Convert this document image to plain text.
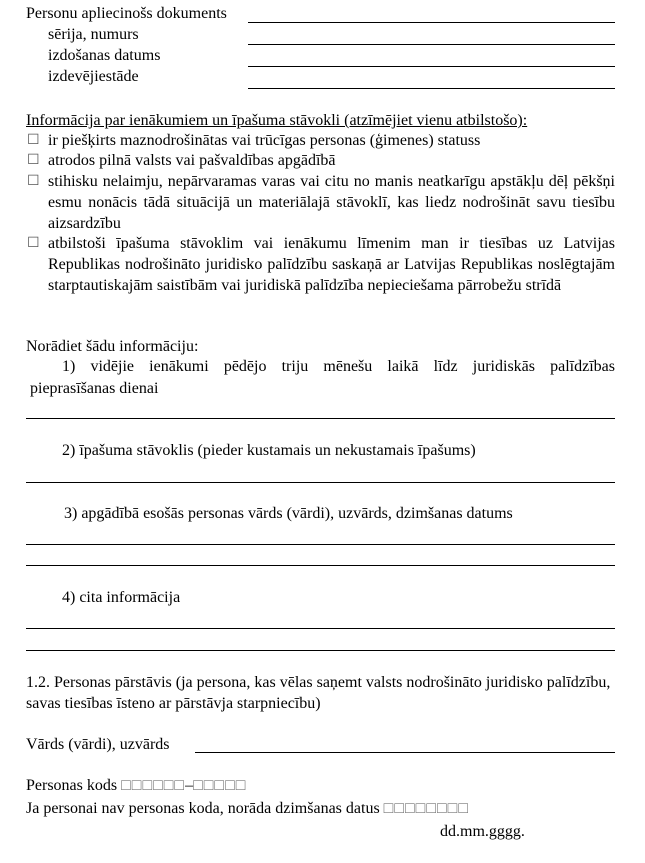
Personu apliecinošs dokuments
sērija, numurs
izdošanas datums
izdevējiestāde
Informācija par ienākumiem un īpašuma stāvokli (atzīmējiet vienu atbilstošo):
☐ ir piešķirts maznodrošinātas vai trūcīgas personas (ģimenes) statuss
☐ atrodos pilnā valsts vai pašvaldības apgādībā
☐ stihisku nelaimju, nepārvaramas varas vai citu no manis neatkarīgu apstākļu dēļ pēkšņi esmu nonācis tādā situācijā un materiālajā stāvoklī, kas liedz nodrošināt savu tiesību aizsardzību
☐ atbilstoši īpašuma stāvoklim vai ienākumu līmenim man ir tiesības uz Latvijas Republikas nodrošināto juridisko palīdzību saskaņā ar Latvijas Republikas noslēgtajām starptautiskajām saistībām vai juridiskā palīdzība nepieciešama pārrobežu strīdā
Norādiet šādu informāciju:
1) vidējie ienākumi pēdējo triju mēnešu laikā līdz juridiskās palīdzības
pieprasīšanas dienai
2) īpašuma stāvoklis (pieder kustamais un nekustamais īpašums)
3) apgādībā esošās personas vārds (vārdi), uzvārds, dzimšanas datums
4) cita informācija
1.2. Personas pārstāvis (ja persona, kas vēlas saņemt valsts nodrošināto juridisko palīdzību, savas tiesības īsteno ar pārstāvja starpniecību)
Vārds (vārdi), uzvārds
Personas kods □□□□□□–□□□□□
Ja personai nav personas koda, norāda dzimšanas datus □□□□□□□□
dd.mm.gggg.
